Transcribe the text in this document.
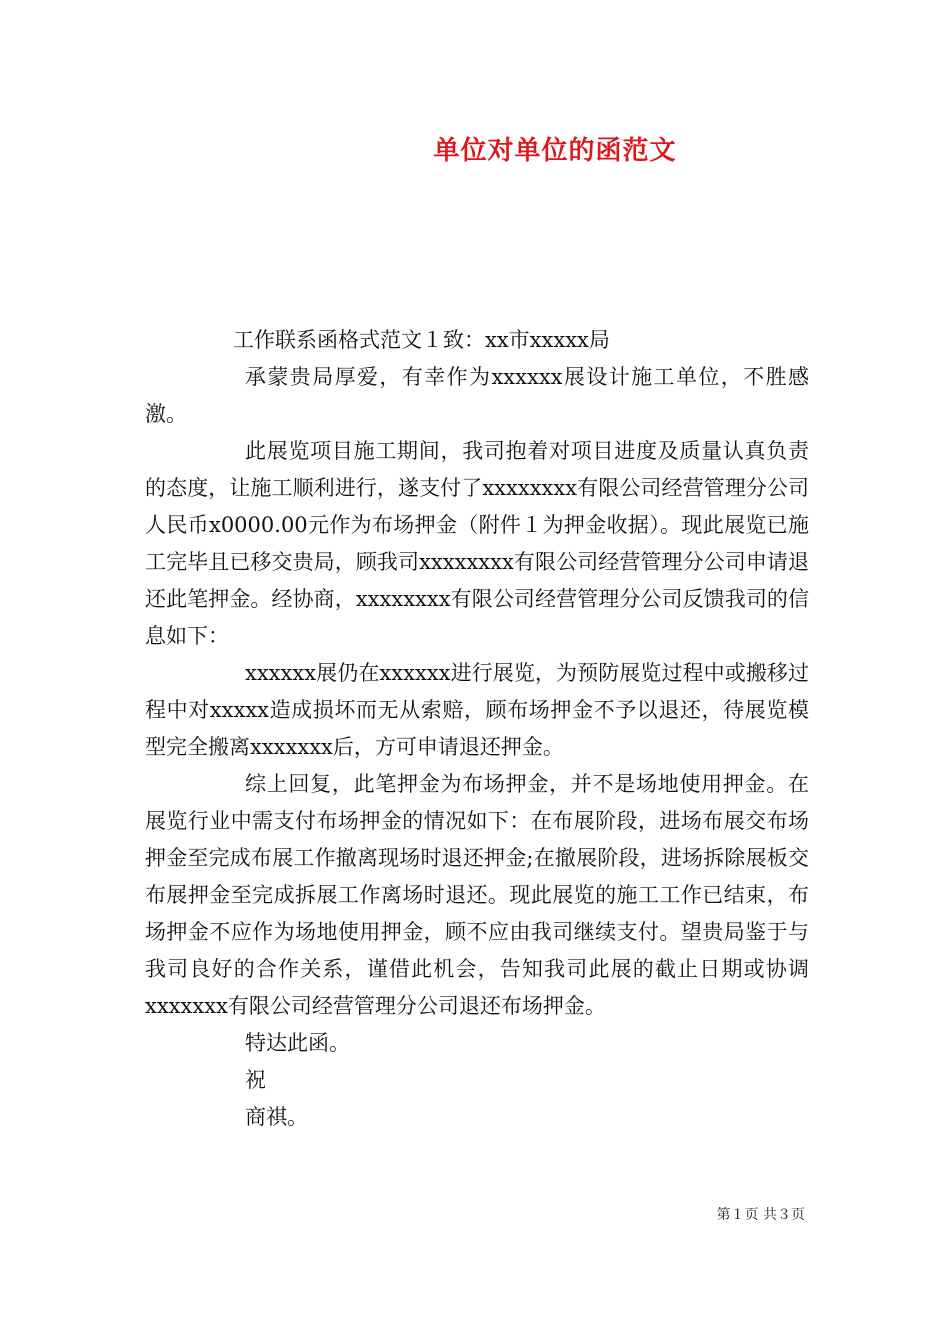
单位对单位的函范文

工作联系函格式范文１致：xx市xxxxx局

承蒙贵局厚爱，有幸作为xxxxxx展设计施工单位，不胜感激。

此展览项目施工期间，我司抱着对项目进度及质量认真负责的态度，让施工顺利进行，遂支付了xxxxxxxx有限公司经营管理分公司人民币x0000.00元作为布场押金（附件１为押金收据）。现此展览已施工完毕且已移交贵局，顾我司xxxxxxxx有限公司经营管理分公司申请退还此笔押金。经协商，xxxxxxxx有限公司经营管理分公司反馈我司的信息如下：

xxxxxx展仍在xxxxxx进行展览，为预防展览过程中或搬移过程中对xxxxx造成损坏而无从索赔，顾布场押金不予以退还，待展览模型完全搬离xxxxxxx后，方可申请退还押金。

综上回复，此笔押金为布场押金，并不是场地使用押金。在展览行业中需支付布场押金的情况如下：在布展阶段，进场布展交布场押金至完成布展工作撤离现场时退还押金;在撤展阶段，进场拆除展板交布展押金至完成拆展工作离场时退还。现此展览的施工工作已结束，布场押金不应作为场地使用押金，顾不应由我司继续支付。望贵局鉴于与我司良好的合作关系，谨借此机会，告知我司此展的截止日期或协调xxxxxxx有限公司经营管理分公司退还布场押金。

特达此函。

祝

商祺。

第１页 共３页
